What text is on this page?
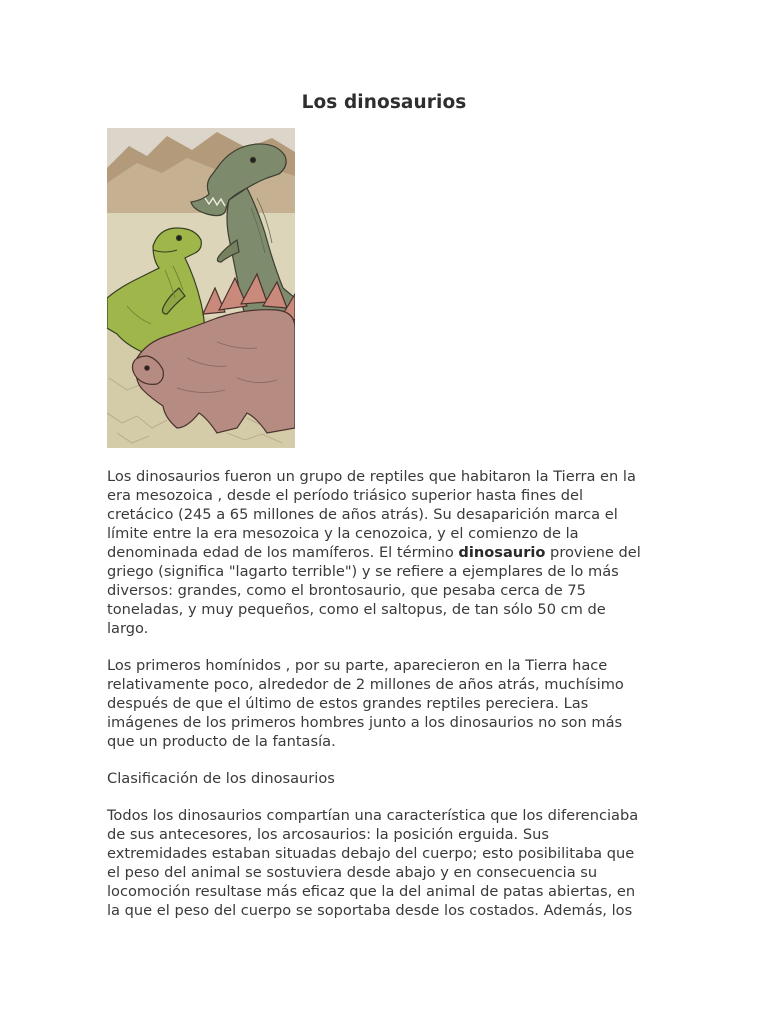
Los dinosaurios

Los dinosaurios fueron un grupo de reptiles que habitaron la Tierra en la
era mesozoica , desde el período triásico superior hasta fines del
cretácico (245 a 65 millones de años atrás). Su desaparición marca el
límite entre la era mesozoica y la cenozoica, y el comienzo de la
denominada edad de los mamíferos. El término dinosaurio proviene del
griego (significa "lagarto terrible") y se refiere a ejemplares de lo más
diversos: grandes, como el brontosaurio, que pesaba cerca de 75
toneladas, y muy pequeños, como el saltopus, de tan sólo 50 cm de
largo.

Los primeros homínidos , por su parte, aparecieron en la Tierra hace
relativamente poco, alrededor de 2 millones de años atrás, muchísimo
después de que el último de estos grandes reptiles pereciera. Las
imágenes de los primeros hombres junto a los dinosaurios no son más
que un producto de la fantasía.

Clasificación de los dinosaurios

Todos los dinosaurios compartían una característica que los diferenciaba
de sus antecesores, los arcosaurios: la posición erguida. Sus
extremidades estaban situadas debajo del cuerpo; esto posibilitaba que
el peso del animal se sostuviera desde abajo y en consecuencia su
locomoción resultase más eficaz que la del animal de patas abiertas, en
la que el peso del cuerpo se soportaba desde los costados. Además, los
